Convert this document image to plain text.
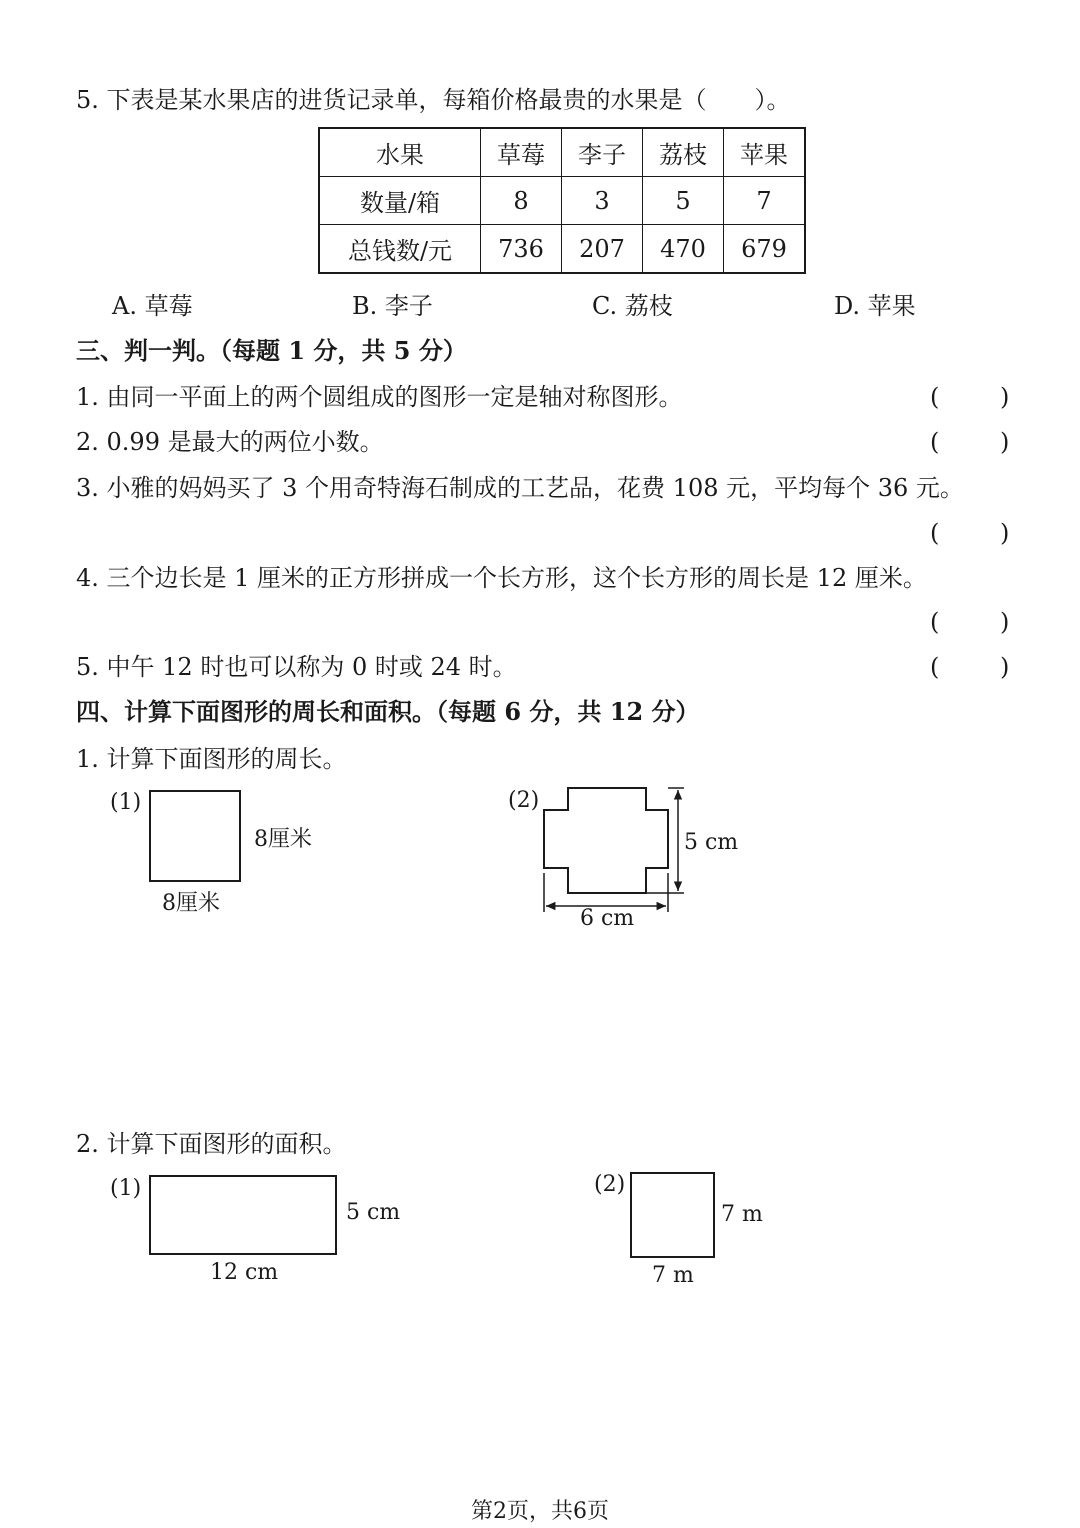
5. 下表是某水果店的进货记录单，每箱价格最贵的水果是（　　）。
水果	草莓	李子	荔枝	苹果
数量/箱	8	3	5	7
总钱数/元	736	207	470	679
A. 草莓	B. 李子	C. 荔枝	D. 苹果
三、判一判。（每题 1 分，共 5 分）
1. 由同一平面上的两个圆组成的图形一定是轴对称图形。	(	)
2. 0.99 是最大的两位小数。	(	)
3. 小雅的妈妈买了 3 个用奇特海石制成的工艺品，花费 108 元，平均每个 36 元。
(	)
4. 三个边长是 1 厘米的正方形拼成一个长方形，这个长方形的周长是 12 厘米。
(	)
5. 中午 12 时也可以称为 0 时或 24 时。	(	)
四、计算下面图形的周长和面积。（每题 6 分，共 12 分）
1. 计算下面图形的周长。
(1)
8厘米
8厘米
(2)
5 cm
6 cm
2. 计算下面图形的面积。
(1)
5 cm
12 cm
(2)
7 m
7 m
第2页，共6页
